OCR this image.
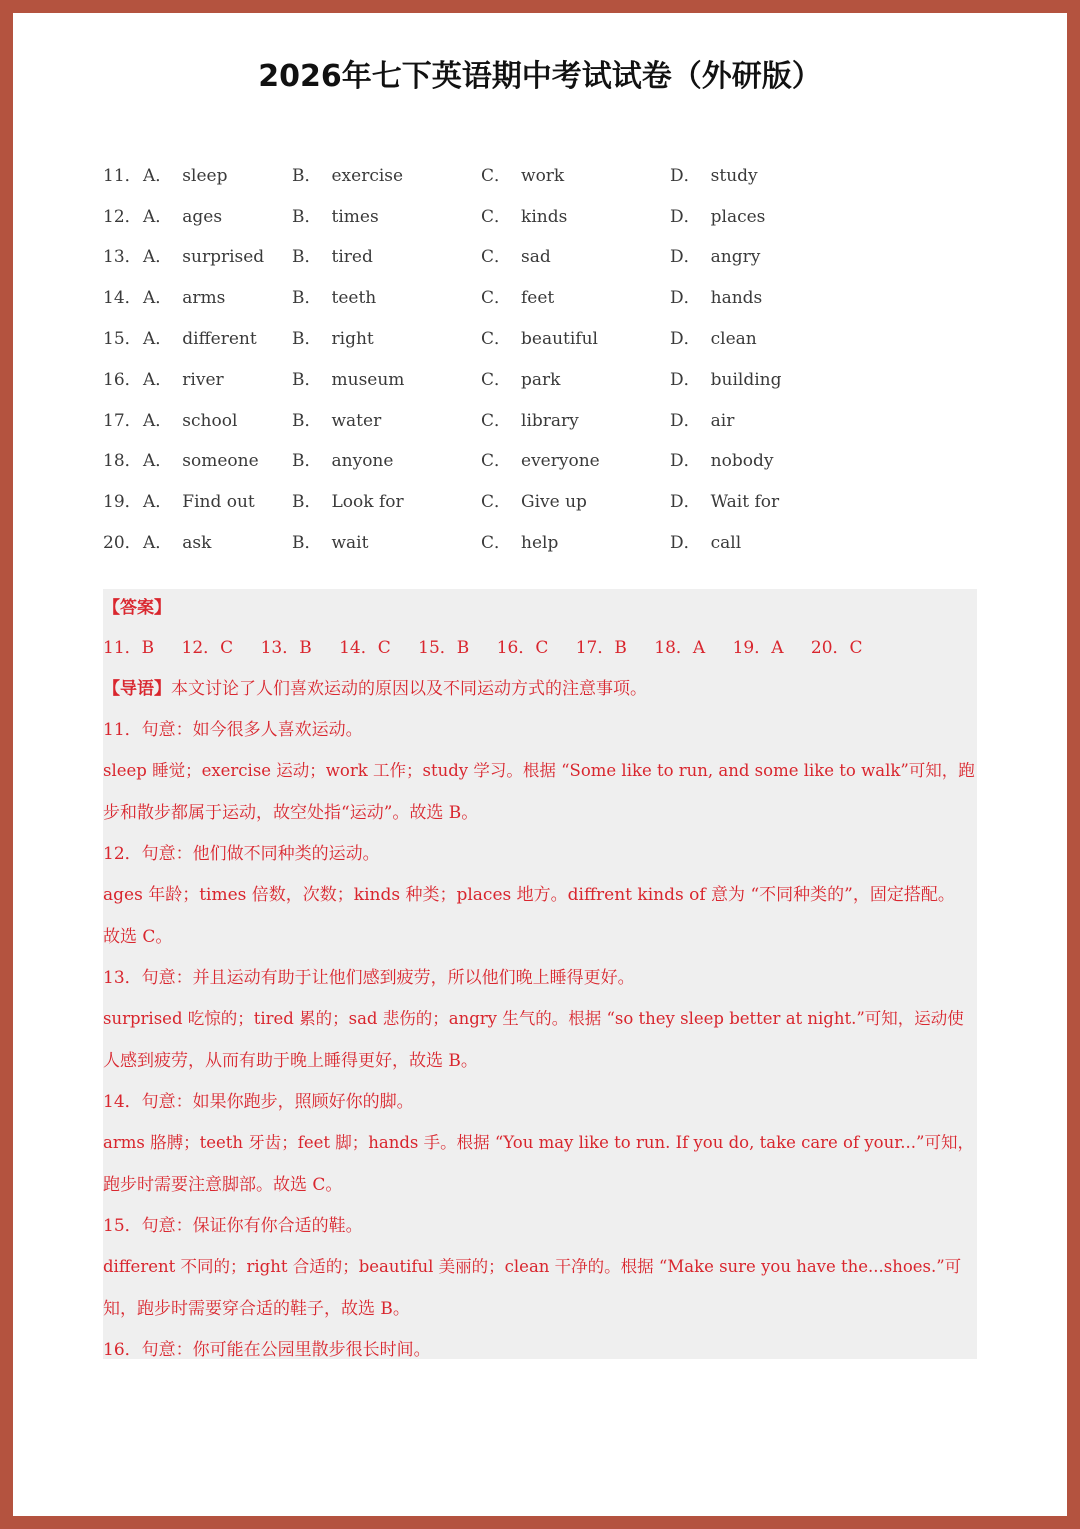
2026年七下英语期中考试试卷（外研版）
11． A． sleep	B． exercise	C． work	D． study
12． A． ages	B． times	C． kinds	D． places
13． A． surprised	B． tired	C． sad	D． angry
14． A． arms	B． teeth	C． feet	D． hands
15． A． different	B． right	C． beautiful	D． clean
16． A． river	B． museum	C． park	D． building
17． A． school	B． water	C． library	D． air
18． A． someone	B． anyone	C． everyone	D． nobody
19． A． Find out	B． Look for	C． Give up	D． Wait for
20． A． ask	B． wait	C． help	D． call
【答案】
11．B 12．C 13．B 14．C 15．B 16．C 17．B 18．A 19．A 20．C
【导语】本文讨论了人们喜欢运动的原因以及不同运动方式的注意事项。
11．句意：如今很多人喜欢运动。
sleep 睡觉；exercise 运动；work 工作；study 学习。根据 “Some like to run, and some like to walk”可知，跑
步和散步都属于运动，故空处指“运动”。故选 B。
12．句意：他们做不同种类的运动。
ages 年龄；times 倍数，次数；kinds 种类；places 地方。diffrent kinds of 意为 “不同种类的”，固定搭配。
故选 C。
13．句意：并且运动有助于让他们感到疲劳，所以他们晚上睡得更好。
surprised 吃惊的；tired 累的；sad 悲伤的；angry 生气的。根据 “so they sleep better at night.”可知，运动使
人感到疲劳，从而有助于晚上睡得更好，故选 B。
14．句意：如果你跑步，照顾好你的脚。
arms 胳膊；teeth 牙齿；feet 脚；hands 手。根据 “You may like to run. If you do, take care of your...”可知，
跑步时需要注意脚部。故选 C。
15．句意：保证你有你合适的鞋。
different 不同的；right 合适的；beautiful 美丽的；clean 干净的。根据 “Make sure you have the...shoes.”可
知，跑步时需要穿合适的鞋子，故选 B。
16．句意：你可能在公园里散步很长时间。
